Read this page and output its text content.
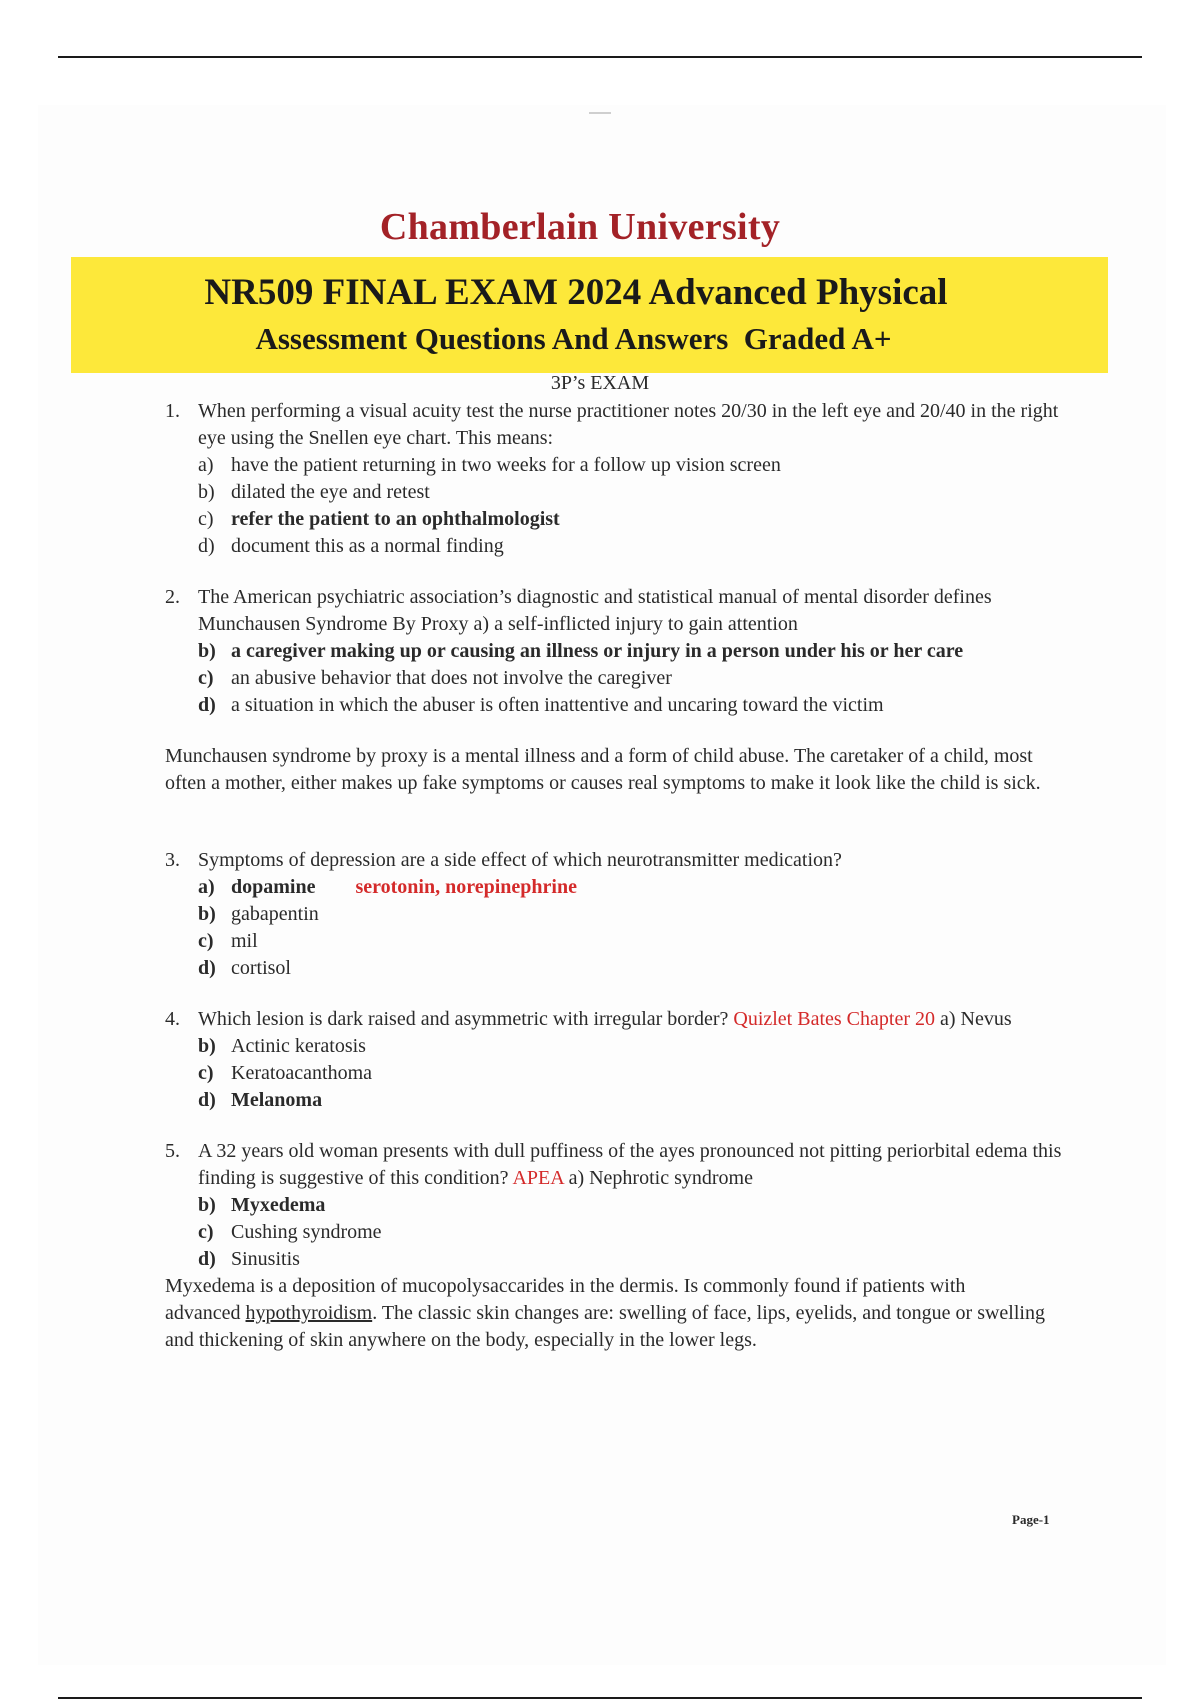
Chamberlain University
NR509 FINAL EXAM 2024 Advanced Physical
Assessment Questions And Answers  Graded A+
3P’s EXAM
1. When performing a visual acuity test the nurse practitioner notes 20/30 in the left eye and 20/40 in the right eye using the Snellen eye chart. This means:
a) have the patient returning in two weeks for a follow up vision screen
b) dilated the eye and retest
c) refer the patient to an ophthalmologist
d) document this as a normal finding
2. The American psychiatric association’s diagnostic and statistical manual of mental disorder defines Munchausen Syndrome By Proxy a) a self-inflicted injury to gain attention
b) a caregiver making up or causing an illness or injury in a person under his or her care
c) an abusive behavior that does not involve the caregiver
d) a situation in which the abuser is often inattentive and uncaring toward the victim
Munchausen syndrome by proxy is a mental illness and a form of child abuse. The caretaker of a child, most often a mother, either makes up fake symptoms or causes real symptoms to make it look like the child is sick.
3. Symptoms of depression are a side effect of which neurotransmitter medication?
a) dopamine serotonin, norepinephrine
b) gabapentin
c) mil
d) cortisol
4. Which lesion is dark raised and asymmetric with irregular border? Quizlet Bates Chapter 20 a) Nevus
b) Actinic keratosis
c) Keratoacanthoma
d) Melanoma
5. A 32 years old woman presents with dull puffiness of the ayes pronounced not pitting periorbital edema this finding is suggestive of this condition? APEA a) Nephrotic syndrome
b) Myxedema
c) Cushing syndrome
d) Sinusitis
Myxedema is a deposition of mucopolysaccarides in the dermis. Is commonly found if patients with advanced hypothyroidism. The classic skin changes are: swelling of face, lips, eyelids, and tongue or swelling and thickening of skin anywhere on the body, especially in the lower legs.
Page-1
